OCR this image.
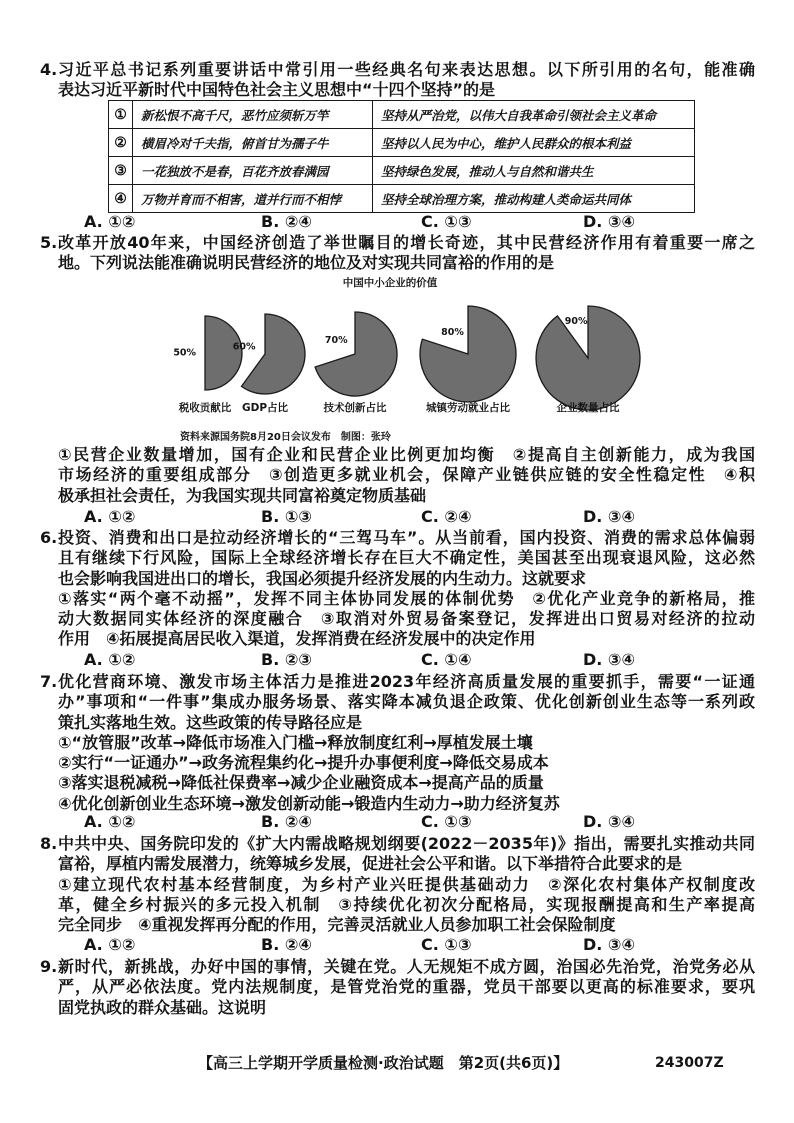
4. 习近平总书记系列重要讲话中常引用一些经典名句来表达思想。以下所引用的名句，能准确
表达习近平新时代中国特色社会主义思想中“十四个坚持”的是
①	新松恨不高千尺，恶竹应须斩万竿	坚持从严治党，以伟大自我革命引领社会主义革命
②	横眉冷对千夫指，俯首甘为孺子牛	坚持以人民为中心，维护人民群众的根本利益
③	一花独放不是春，百花齐放春满园	坚持绿色发展，推动人与自然和谐共生
④	万物并育而不相害，道并行而不相悖	坚持全球治理方案，推动构建人类命运共同体
A. ①②	B. ②④	C. ①③	D. ③④
5. 改革开放40年来，中国经济创造了举世瞩目的增长奇迹，其中民营经济作用有着重要一席之
地。下列说法能准确说明民营经济的地位及对实现共同富裕的作用的是
中国中小企业的价值
50%
税收贡献比
60%
GDP占比
70%
技术创新占比
80%
城镇劳动就业占比
90%
企业数量占比
资料来源国务院8月20日会议发布　制图：张玲
①民营企业数量增加，国有企业和民营企业比例更加均衡　②提高自主创新能力，成为我国
市场经济的重要组成部分　③创造更多就业机会，保障产业链供应链的安全性稳定性　④积
极承担社会责任，为我国实现共同富裕奠定物质基础
A. ①②	B. ①③	C. ②④	D. ③④
6. 投资、消费和出口是拉动经济增长的“三驾马车”。从当前看，国内投资、消费的需求总体偏弱
且有继续下行风险，国际上全球经济增长存在巨大不确定性，美国甚至出现衰退风险，这必然
也会影响我国进出口的增长，我国必须提升经济发展的内生动力。这就要求
①落实“两个毫不动摇”，发挥不同主体协同发展的体制优势　②优化产业竞争的新格局，推
动大数据同实体经济的深度融合　③取消对外贸易备案登记，发挥进出口贸易对经济的拉动
作用　④拓展提高居民收入渠道，发挥消费在经济发展中的决定作用
A. ①②	B. ②③	C. ①④	D. ③④
7. 优化营商环境、激发市场主体活力是推进2023年经济高质量发展的重要抓手，需要“一证通
办”事项和“一件事”集成办服务场景、落实降本减负退企政策、优化创新创业生态等一系列政
策扎实落地生效。这些政策的传导路径应是
①“放管服”改革→降低市场准入门槛→释放制度红利→厚植发展土壤
②实行“一证通办”→政务流程集约化→提升办事便利度→降低交易成本
③落实退税减税→降低社保费率→减少企业融资成本→提高产品的质量
④优化创新创业生态环境→激发创新动能→锻造内生动力→助力经济复苏
A. ①②	B. ②④	C. ①③	D. ③④
8. 中共中央、国务院印发的《扩大内需战略规划纲要(2022－2035年)》指出，需要扎实推动共同
富裕，厚植内需发展潜力，统筹城乡发展，促进社会公平和谐。以下举措符合此要求的是
①建立现代农村基本经营制度，为乡村产业兴旺提供基础动力　②深化农村集体产权制度改
革，健全乡村振兴的多元投入机制　③持续优化初次分配格局，实现报酬提高和生产率提高
完全同步　④重视发挥再分配的作用，完善灵活就业人员参加职工社会保险制度
A. ①②	B. ②④	C. ①③	D. ③④
9. 新时代，新挑战，办好中国的事情，关键在党。人无规矩不成方圆，治国必先治党，治党务必从
严，从严必依法度。党内法规制度，是管党治党的重器，党员干部要以更高的标准要求，要巩
固党执政的群众基础。这说明
【高三上学期开学质量检测·政治试题　第2页(共6页)】	243007Z
